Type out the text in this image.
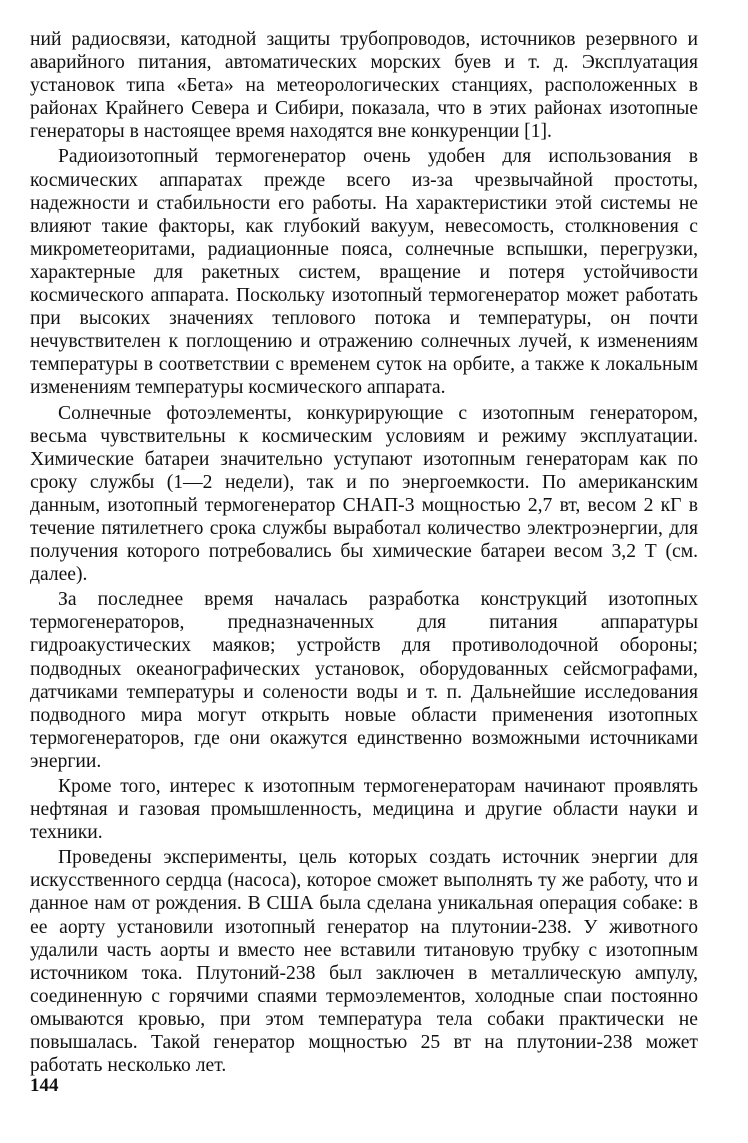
ний радиосвязи, катодной защиты трубопроводов, источников резервного и аварийного питания, автоматических морских буев и т. д. Эксплуатация установок типа «Бета» на метеорологических станциях, расположенных в районах Крайнего Севера и Сибири, показала, что в этих районах изотопные генераторы в настоящее время находятся вне конкуренции [1].

Радиоизотопный термогенератор очень удобен для использования в космических аппаратах прежде всего из-за чрезвычайной простоты, надежности и стабильности его работы. На характеристики этой системы не влияют такие факторы, как глубокий вакуум, невесомость, столкновения с микрометеоритами, радиационные пояса, солнечные вспышки, перегрузки, характерные для ракетных систем, вращение и потеря устойчивости космического аппарата. Поскольку изотопный термогенератор может работать при высоких значениях теплового потока и температуры, он почти нечувствителен к поглощению и отражению солнечных лучей, к изменениям температуры в соответствии с временем суток на орбите, а также к локальным изменениям температуры космического аппарата.

Солнечные фотоэлементы, конкурирующие с изотопным генератором, весьма чувствительны к космическим условиям и режиму эксплуатации. Химические батареи значительно уступают изотопным генераторам как по сроку службы (1—2 недели), так и по энергоемкости. По американским данным, изотопный термогенератор СНАП-3 мощностью 2,7 вт, весом 2 кГ в течение пятилетнего срока службы выработал количество электроэнергии, для получения которого потребовались бы химические батареи весом 3,2 Т (см. далее).

За последнее время началась разработка конструкций изотопных термогенераторов, предназначенных для питания аппаратуры гидроакустических маяков; устройств для противолодочной обороны; подводных океанографических установок, оборудованных сейсмографами, датчиками температуры и солености воды и т. п. Дальнейшие исследования подводного мира могут открыть новые области применения изотопных термогенераторов, где они окажутся единственно возможными источниками энергии.

Кроме того, интерес к изотопным термогенераторам начинают проявлять нефтяная и газовая промышленность, медицина и другие области науки и техники.

Проведены эксперименты, цель которых создать источник энергии для искусственного сердца (насоса), которое сможет выполнять ту же работу, что и данное нам от рождения. В США была сделана уникальная операция собаке: в ее аорту установили изотопный генератор на плутонии-238. У животного удалили часть аорты и вместо нее вставили титановую трубку с изотопным источником тока. Плутоний-238 был заключен в металлическую ампулу, соединенную с горячими спаями термоэлементов, холодные спаи постоянно омываются кровью, при этом температура тела собаки практически не повышалась. Такой генератор мощностью 25 вт на плутонии-238 может работать несколько лет.

144
